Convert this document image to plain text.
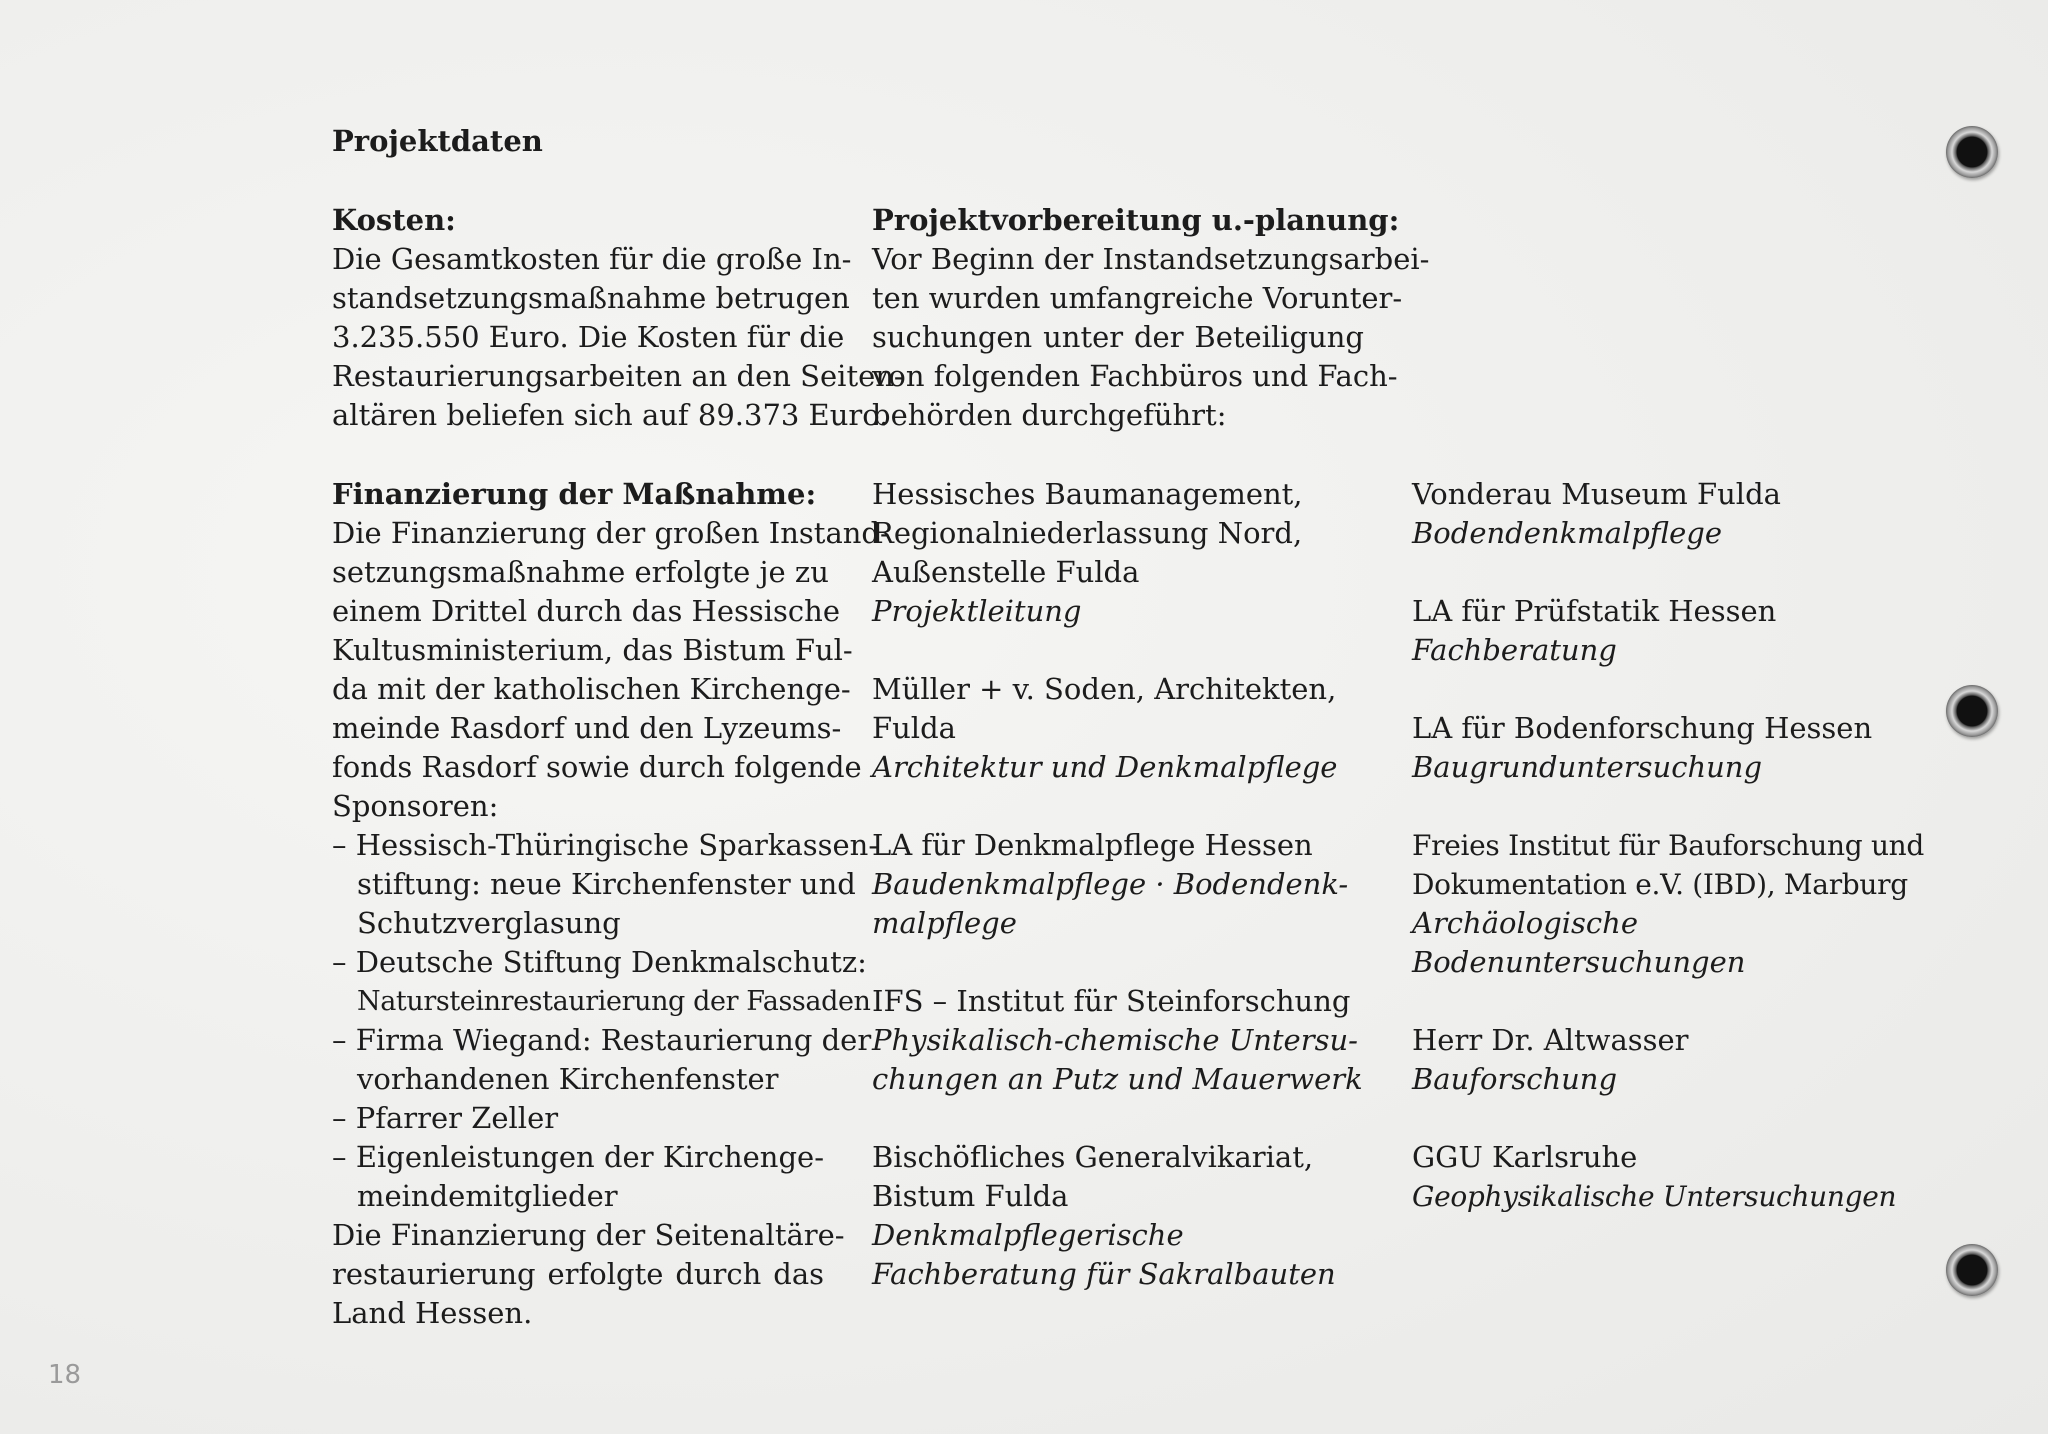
Projektdaten
Kosten:
Die Gesamtkosten für die große In-
standsetzungsmaßnahme betrugen
3.235.550 Euro. Die Kosten für die
Restaurierungsarbeiten an den Seiten-
altären beliefen sich auf 89.373 Euro.
Finanzierung der Maßnahme:
Die Finanzierung der großen Instand-
setzungsmaßnahme erfolgte je zu
einem Drittel durch das Hessische
Kultusministerium, das Bistum Ful-
da mit der katholischen Kirchenge-
meinde Rasdorf und den Lyzeums-
fonds Rasdorf sowie durch folgende
Sponsoren:
– Hessisch-Thüringische Sparkassen-
stiftung: neue Kirchenfenster und
Schutzverglasung
– Deutsche Stiftung Denkmalschutz:
Natursteinrestaurierung der Fassaden
– Firma Wiegand: Restaurierung der
vorhandenen Kirchenfenster
– Pfarrer Zeller
– Eigenleistungen der Kirchenge-
meindemitglieder
Die Finanzierung der Seitenaltäre-
restaurierung erfolgte durch das
Land Hessen.
Projektvorbereitung u.-planung:
Vor Beginn der Instandsetzungsarbei-
ten wurden umfangreiche Vorunter-
suchungen unter der Beteiligung
von folgenden Fachbüros und Fach-
behörden durchgeführt:
Hessisches Baumanagement,
Regionalniederlassung Nord,
Außenstelle Fulda
Projektleitung
Müller + v. Soden, Architekten,
Fulda
Architektur und Denkmalpflege
LA für Denkmalpflege Hessen
Baudenkmalpflege · Bodendenk-
malpflege
IFS – Institut für Steinforschung
Physikalisch-chemische Untersu-
chungen an Putz und Mauerwerk
Bischöfliches Generalvikariat,
Bistum Fulda
Denkmalpflegerische
Fachberatung für Sakralbauten
Vonderau Museum Fulda
Bodendenkmalpflege
LA für Prüfstatik Hessen
Fachberatung
LA für Bodenforschung Hessen
Baugrunduntersuchung
Freies Institut für Bauforschung und
Dokumentation e.V. (IBD), Marburg
Archäologische
Bodenuntersuchungen
Herr Dr. Altwasser
Bauforschung
GGU Karlsruhe
Geophysikalische Untersuchungen
18
